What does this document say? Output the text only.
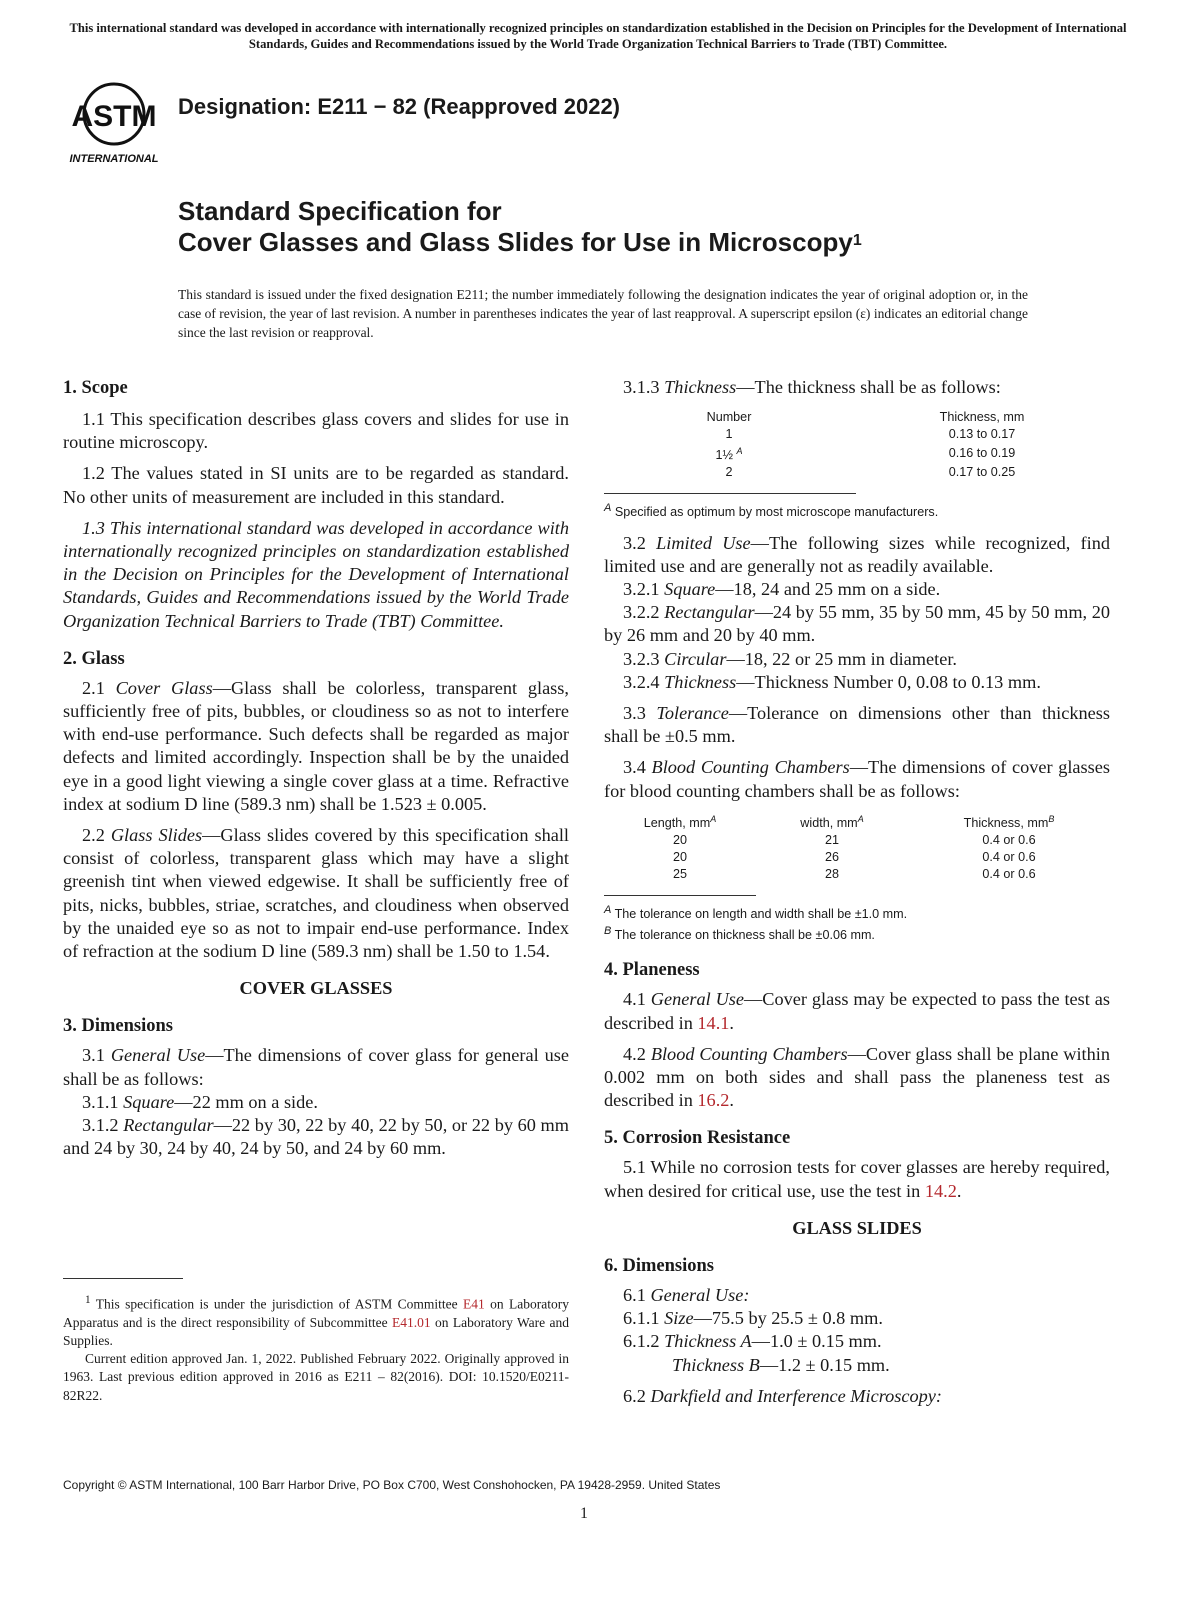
This international standard was developed in accordance with internationally recognized principles on standardization established in the Decision on Principles for the Development of International Standards, Guides and Recommendations issued by the World Trade Organization Technical Barriers to Trade (TBT) Committee.
ASTM
INTERNATIONAL
Designation: E211 − 82 (Reapproved 2022)
Standard Specification for
Cover Glasses and Glass Slides for Use in Microscopy$^1$
This standard is issued under the fixed designation E211; the number immediately following the designation indicates the year of original adoption or, in the case of revision, the year of last revision. A number in parentheses indicates the year of last reapproval. A superscript epsilon (ε) indicates an editorial change since the last revision or reapproval.
1. Scope

1.1 This specification describes glass covers and slides for use in routine microscopy.

1.2 The values stated in SI units are to be regarded as standard. No other units of measurement are included in this standard.

1.3 This international standard was developed in accordance with internationally recognized principles on standardization established in the Decision on Principles for the Development of International Standards, Guides and Recommendations issued by the World Trade Organization Technical Barriers to Trade (TBT) Committee.

2. Glass

2.1 Cover Glass—Glass shall be colorless, transparent glass, sufficiently free of pits, bubbles, or cloudiness so as not to interfere with end-use performance. Such defects shall be regarded as major defects and limited accordingly. Inspection shall be by the unaided eye in a good light viewing a single cover glass at a time. Refractive index at sodium D line (589.3 nm) shall be 1.523 ± 0.005.

2.2 Glass Slides—Glass slides covered by this specification shall consist of colorless, transparent glass which may have a slight greenish tint when viewed edgewise. It shall be sufficiently free of pits, nicks, bubbles, striae, scratches, and cloudiness when observed by the unaided eye so as not to impair end-use performance. Index of refraction at the sodium D line (589.3 nm) shall be 1.50 to 1.54.

COVER GLASSES

3. Dimensions

3.1 General Use—The dimensions of cover glass for general use shall be as follows:

3.1.1 Square—22 mm on a side.

3.1.2 Rectangular—22 by 30, 22 by 40, 22 by 50, or 22 by 60 mm and 24 by 30, 24 by 40, 24 by 50, and 24 by 60 mm.

$^1$ This specification is under the jurisdiction of ASTM Committee E41 on Laboratory Apparatus and is the direct responsibility of Subcommittee E41.01 on Laboratory Ware and Supplies.

Current edition approved Jan. 1, 2022. Published February 2022. Originally approved in 1963. Last previous edition approved in 2016 as E211 – 82(2016). DOI: 10.1520/E0211-82R22.

3.1.3 Thickness—The thickness shall be as follows:

Number	Thickness, mm
1	0.13 to 0.17
1½ $^A$	0.16 to 0.19
2	0.17 to 0.25
$^A$ Specified as optimum by most microscope manufacturers.

3.2 Limited Use—The following sizes while recognized, find limited use and are generally not as readily available.

3.2.1 Square—18, 24 and 25 mm on a side.

3.2.2 Rectangular—24 by 55 mm, 35 by 50 mm, 45 by 50 mm, 20 by 26 mm and 20 by 40 mm.

3.2.3 Circular—18, 22 or 25 mm in diameter.

3.2.4 Thickness—Thickness Number 0, 0.08 to 0.13 mm.

3.3 Tolerance—Tolerance on dimensions other than thickness shall be ±0.5 mm.

3.4 Blood Counting Chambers—The dimensions of cover glasses for blood counting chambers shall be as follows:

Length, $mm^A$	width, $mm^A$	Thickness, $mm^B$
20	21	0.4 or 0.6
20	26	0.4 or 0.6
25	28	0.4 or 0.6
$^A$ The tolerance on length and width shall be ±1.0 mm.
$^B$ The tolerance on thickness shall be ±0.06 mm.
4. Planeness

4.1 General Use—Cover glass may be expected to pass the test as described in 14.1.

4.2 Blood Counting Chambers—Cover glass shall be plane within 0.002 mm on both sides and shall pass the planeness test as described in 16.2.

5. Corrosion Resistance

5.1 While no corrosion tests for cover glasses are hereby required, when desired for critical use, use the test in 14.2.

GLASS SLIDES

6. Dimensions

6.1 General Use:

6.1.1 Size—75.5 by 25.5 ± 0.8 mm.

6.1.2 Thickness A—1.0 ± 0.15 mm.

Thickness B—1.2 ± 0.15 mm.

6.2 Darkfield and Interference Microscopy:

Copyright © ASTM International, 100 Barr Harbor Drive, PO Box C700, West Conshohocken, PA 19428-2959. United States
1
